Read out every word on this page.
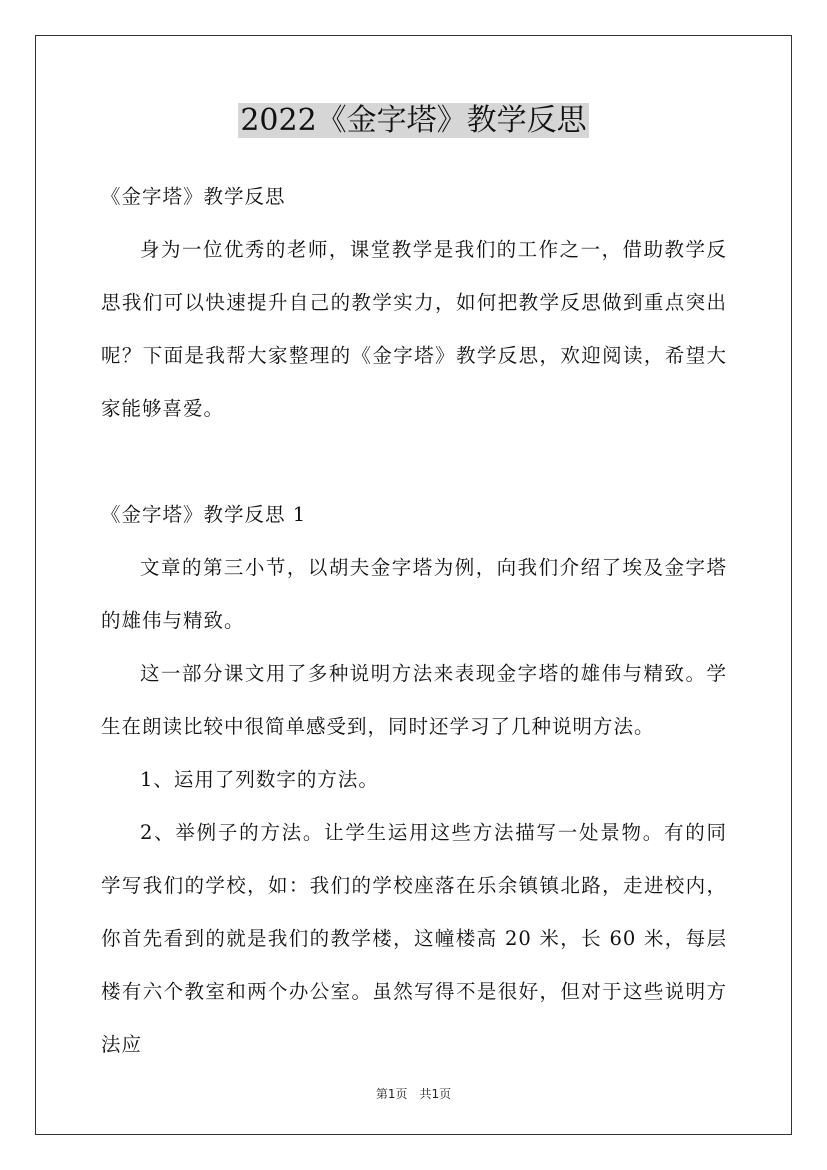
2022《金字塔》教学反思

《金字塔》教学反思

身为一位优秀的老师，课堂教学是我们的工作之一，借助教学反思我们可以快速提升自己的教学实力，如何把教学反思做到重点突出呢？下面是我帮大家整理的《金字塔》教学反思，欢迎阅读，希望大家能够喜爱。

《金字塔》教学反思 1

文章的第三小节，以胡夫金字塔为例，向我们介绍了埃及金字塔的雄伟与精致。

这一部分课文用了多种说明方法来表现金字塔的雄伟与精致。学生在朗读比较中很简单感受到，同时还学习了几种说明方法。

1、运用了列数字的方法。

2、举例子的方法。让学生运用这些方法描写一处景物。有的同学写我们的学校，如：我们的学校座落在乐余镇镇北路，走进校内，你首先看到的就是我们的教学楼，这幢楼高 20 米，长 60 米，每层楼有六个教室和两个办公室。虽然写得不是很好，但对于这些说明方法应

第1页　共1页
